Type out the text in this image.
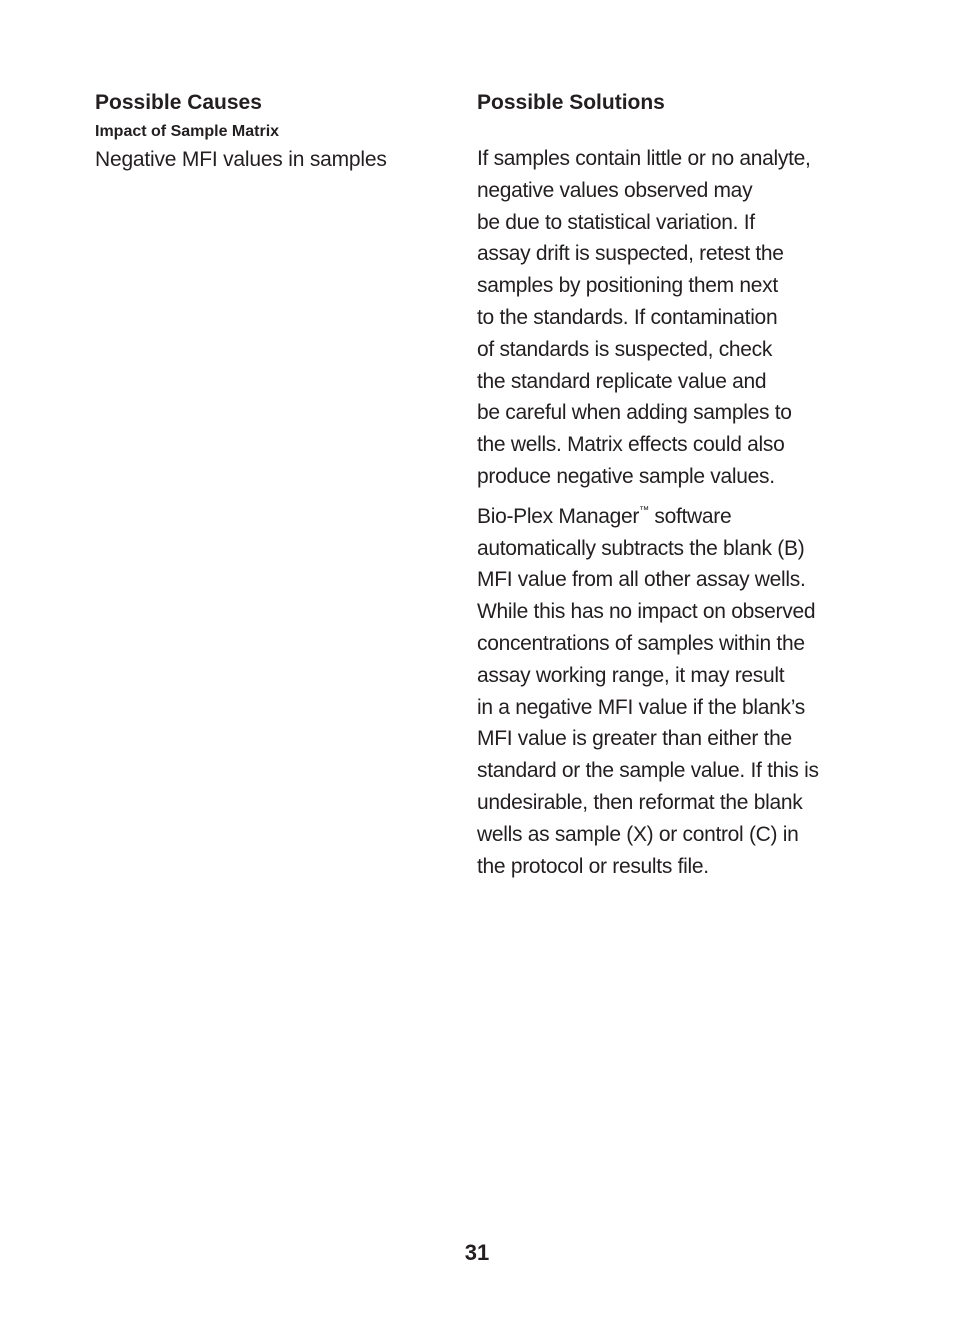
Possible Causes
Impact of Sample Matrix

Negative MFI values in samples

Possible Solutions

If samples contain little or no analyte,
negative values observed may
be due to statistical variation. If
assay drift is suspected, retest the
samples by positioning them next
to the standards. If contamination
of standards is suspected, check
the standard replicate value and
be careful when adding samples to
the wells. Matrix effects could also
produce negative sample values.

Bio-Plex Manager™ software
automatically subtracts the blank (B)
MFI value from all other assay wells.
While this has no impact on observed
concentrations of samples within the
assay working range, it may result
in a negative MFI value if the blank’s
MFI value is greater than either the
standard or the sample value. If this is
undesirable, then reformat the blank
wells as sample (X) or control (C) in
the protocol or results file.

31
